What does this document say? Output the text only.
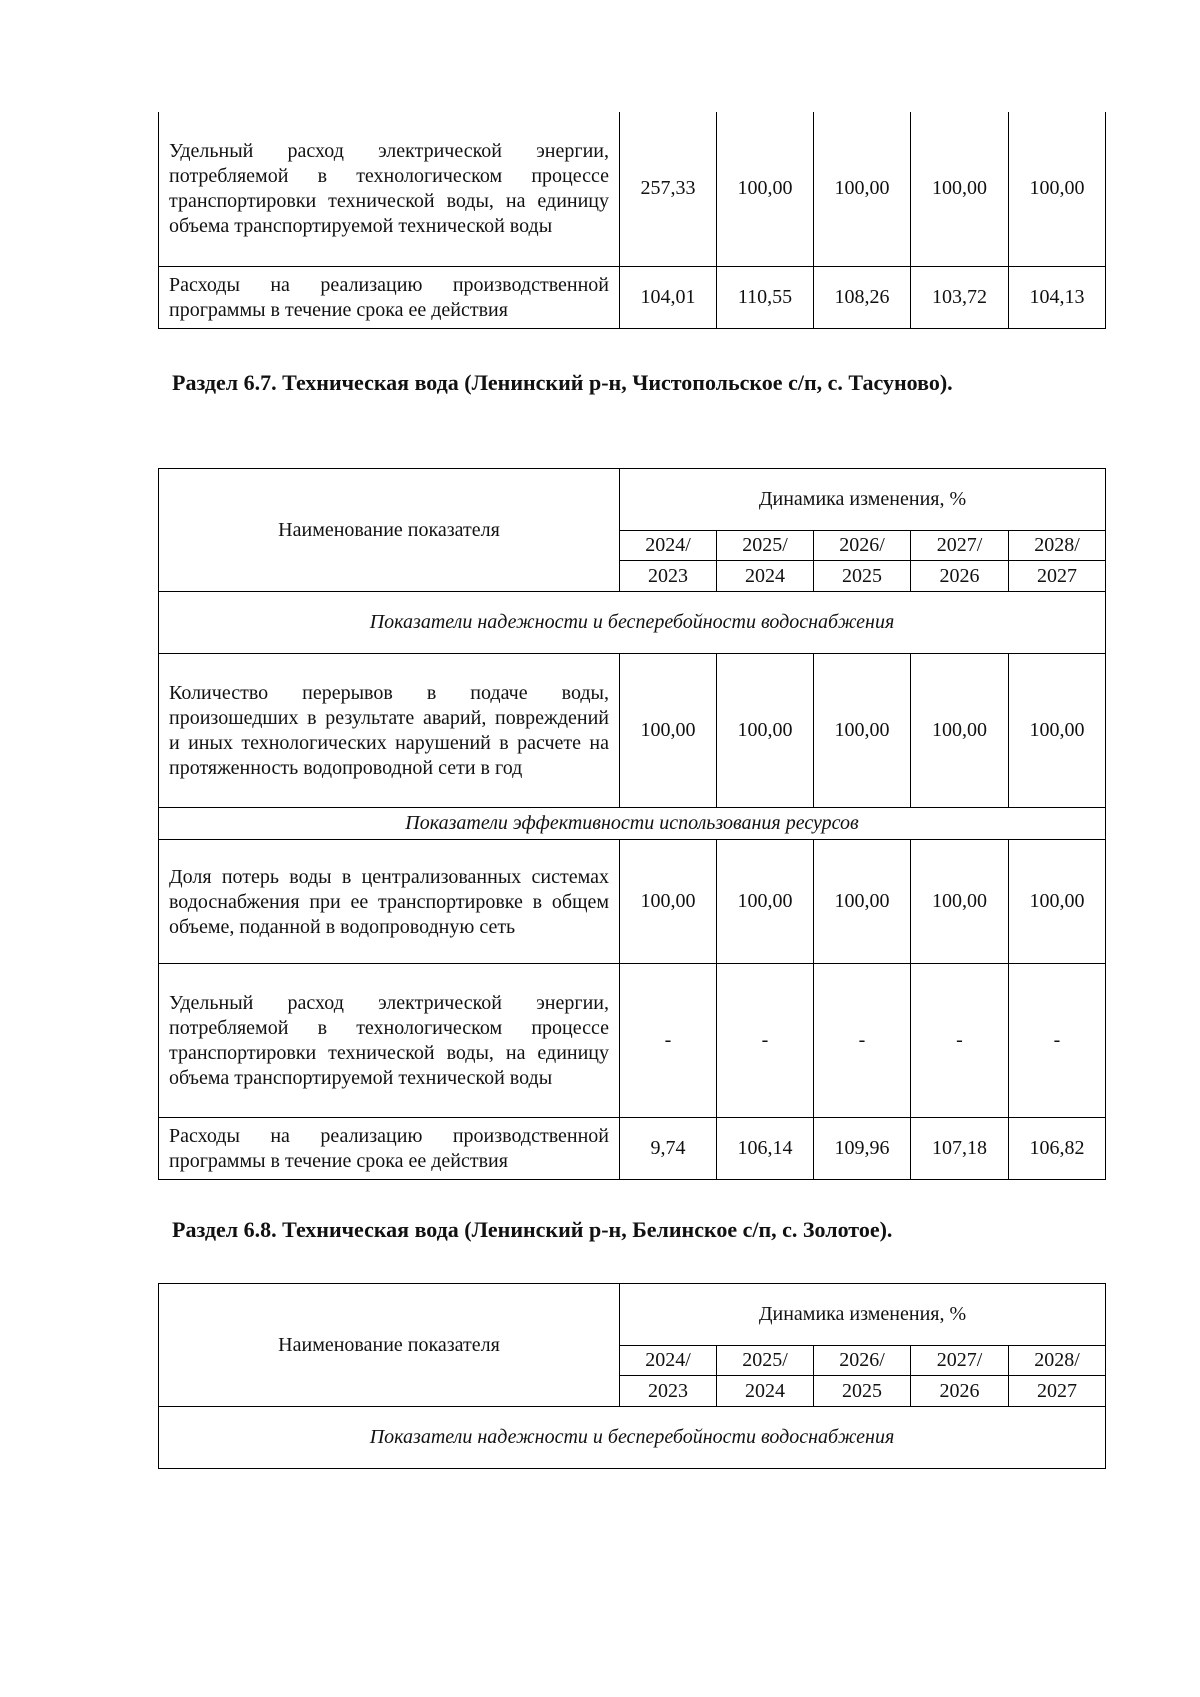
Удельный расход электрической энергии, потребляемой в технологическом процессе транспортировки технической воды, на единицу объема транспортируемой технической воды	257,33	100,00	100,00	100,00	100,00
Расходы на реализацию производственной программы в течение срока ее действия	104,01	110,55	108,26	103,72	104,13
Раздел 6.7. Техническая вода (Ленинский р-н, Чистопольское с/п, с. Тасуново).
Наименование показателя	Динамика изменения, %				
	2024/	2025/	2026/	2027/	2028/
	2023	2024	2025	2026	2027
Показатели надежности и бесперебойности водоснабжения					
Количество перерывов в подаче воды, произошедших в результате аварий, повреждений и иных технологических нарушений в расчете на протяженность водопроводной сети в год	100,00	100,00	100,00	100,00	100,00
Показатели эффективности использования ресурсов					
Доля потерь воды в централизованных системах водоснабжения при ее транспортировке в общем объеме, поданной в водопроводную сеть	100,00	100,00	100,00	100,00	100,00
Удельный расход электрической энергии, потребляемой в технологическом процессе транспортировки технической воды, на единицу объема транспортируемой технической воды	-	-	-	-	-
Расходы на реализацию производственной программы в течение срока ее действия	9,74	106,14	109,96	107,18	106,82
Раздел 6.8. Техническая вода (Ленинский р-н, Белинское с/п, с. Золотое).
Наименование показателя	Динамика изменения, %				
	2024/	2025/	2026/	2027/	2028/
	2023	2024	2025	2026	2027
Показатели надежности и бесперебойности водоснабжения					
